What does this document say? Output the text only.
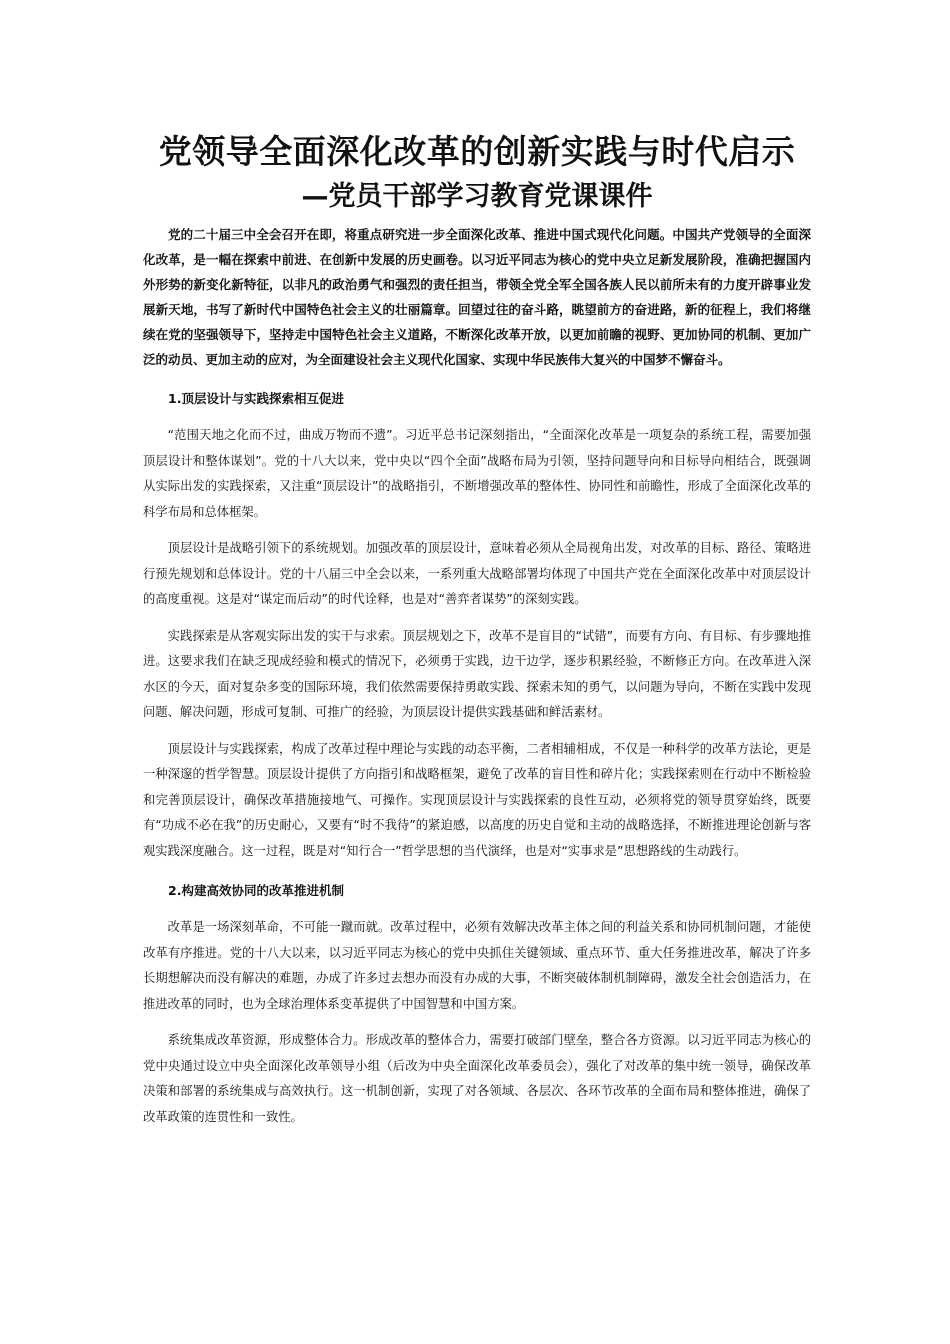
党领导全面深化改革的创新实践与时代启示
—党员干部学习教育党课课件

党的二十届三中全会召开在即，将重点研究进一步全面深化改革、推进中国式现代化问题。中国共产党领导的全面深化改革，是一幅在探索中前进、在创新中发展的历史画卷。以习近平同志为核心的党中央立足新发展阶段，准确把握国内外形势的新变化新特征，以非凡的政治勇气和强烈的责任担当，带领全党全军全国各族人民以前所未有的力度开辟事业发展新天地，书写了新时代中国特色社会主义的壮丽篇章。回望过往的奋斗路，眺望前方的奋进路，新的征程上，我们将继续在党的坚强领导下，坚持走中国特色社会主义道路，不断深化改革开放，以更加前瞻的视野、更加协同的机制、更加广泛的动员、更加主动的应对，为全面建设社会主义现代化国家、实现中华民族伟大复兴的中国梦不懈奋斗。

1.顶层设计与实践探索相互促进

“范围天地之化而不过，曲成万物而不遗”。习近平总书记深刻指出，“全面深化改革是一项复杂的系统工程，需要加强顶层设计和整体谋划”。党的十八大以来，党中央以“四个全面”战略布局为引领，坚持问题导向和目标导向相结合，既强调从实际出发的实践探索，又注重“顶层设计”的战略指引，不断增强改革的整体性、协同性和前瞻性，形成了全面深化改革的科学布局和总体框架。

顶层设计是战略引领下的系统规划。加强改革的顶层设计，意味着必须从全局视角出发，对改革的目标、路径、策略进行预先规划和总体设计。党的十八届三中全会以来，一系列重大战略部署均体现了中国共产党在全面深化改革中对顶层设计的高度重视。这是对“谋定而后动”的时代诠释，也是对“善弈者谋势”的深刻实践。

实践探索是从客观实际出发的实干与求索。顶层规划之下，改革不是盲目的“试错”，而要有方向、有目标、有步骤地推进。这要求我们在缺乏现成经验和模式的情况下，必须勇于实践，边干边学，逐步积累经验，不断修正方向。在改革进入深水区的今天，面对复杂多变的国际环境，我们依然需要保持勇敢实践、探索未知的勇气，以问题为导向，不断在实践中发现问题、解决问题，形成可复制、可推广的经验，为顶层设计提供实践基础和鲜活素材。

顶层设计与实践探索，构成了改革过程中理论与实践的动态平衡，二者相辅相成，不仅是一种科学的改革方法论，更是一种深邃的哲学智慧。顶层设计提供了方向指引和战略框架，避免了改革的盲目性和碎片化；实践探索则在行动中不断检验和完善顶层设计，确保改革措施接地气、可操作。实现顶层设计与实践探索的良性互动，必须将党的领导贯穿始终，既要有“功成不必在我”的历史耐心，又要有“时不我待”的紧迫感，以高度的历史自觉和主动的战略选择，不断推进理论创新与客观实践深度融合。这一过程，既是对“知行合一”哲学思想的当代演绎，也是对“实事求是”思想路线的生动践行。

2.构建高效协同的改革推进机制

改革是一场深刻革命，不可能一蹴而就。改革过程中，必须有效解决改革主体之间的利益关系和协同机制问题，才能使改革有序推进。党的十八大以来，以习近平同志为核心的党中央抓住关键领域、重点环节、重大任务推进改革，解决了许多长期想解决而没有解决的难题，办成了许多过去想办而没有办成的大事，不断突破体制机制障碍，激发全社会创造活力，在推进改革的同时，也为全球治理体系变革提供了中国智慧和中国方案。

系统集成改革资源，形成整体合力。形成改革的整体合力，需要打破部门壁垒，整合各方资源。以习近平同志为核心的党中央通过设立中央全面深化改革领导小组（后改为中央全面深化改革委员会），强化了对改革的集中统一领导，确保改革决策和部署的系统集成与高效执行。这一机制创新，实现了对各领域、各层次、各环节改革的全面布局和整体推进，确保了改革政策的连贯性和一致性。
